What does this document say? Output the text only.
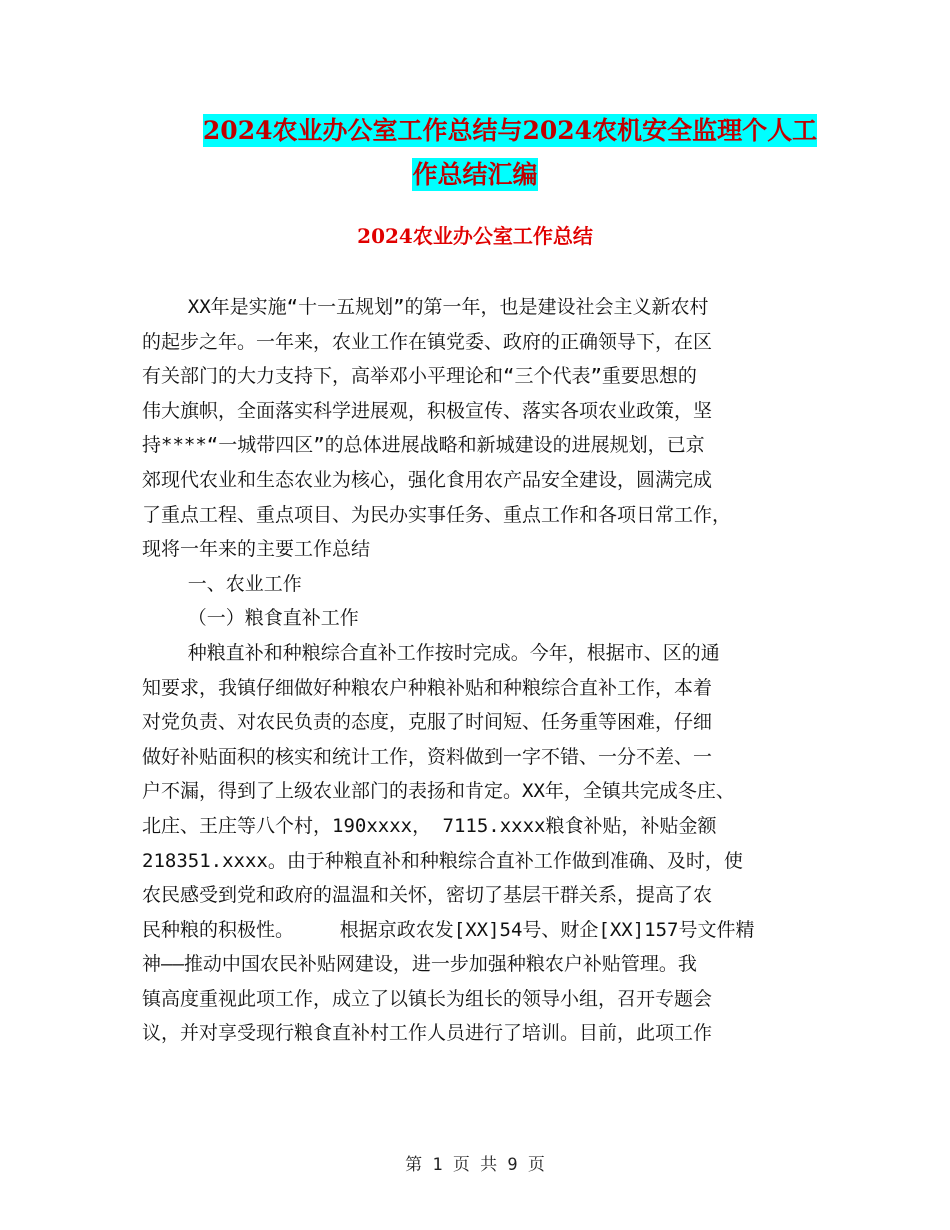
2024农业办公室工作总结与2024农机安全监理个人工
作总结汇编
2024农业办公室工作总结
XX年是实施“十一五规划”的第一年，也是建设社会主义新农村
的起步之年。一年来，农业工作在镇党委、政府的正确领导下，在区
有关部门的大力支持下，高举邓小平理论和“三个代表”重要思想的
伟大旗帜，全面落实科学进展观，积极宣传、落实各项农业政策，坚
持****“一城带四区”的总体进展战略和新城建设的进展规划，已京
郊现代农业和生态农业为核心，强化食用农产品安全建设，圆满完成
了重点工程、重点项目、为民办实事任务、重点工作和各项日常工作，
现将一年来的主要工作总结
一、农业工作
（一）粮食直补工作
种粮直补和种粮综合直补工作按时完成。今年，根据市、区的通
知要求，我镇仔细做好种粮农户种粮补贴和种粮综合直补工作，本着
对党负责、对农民负责的态度，克服了时间短、任务重等困难，仔细
做好补贴面积的核实和统计工作，资料做到一字不错、一分不差、一
户不漏，得到了上级农业部门的表扬和肯定。XX年，全镇共完成冬庄、
北庄、王庄等八个村，190xxxx， 7115.xxxx粮食补贴，补贴金额
218351.xxxx。由于种粮直补和种粮综合直补工作做到准确、及时，使
农民感受到党和政府的温温和关怀，密切了基层干群关系，提高了农
民种粮的积极性。    根据京政农发[XX]54号、财企[XX]157号文件精
神——推动中国农民补贴网建设，进一步加强种粮农户补贴管理。我
镇高度重视此项工作，成立了以镇长为组长的领导小组，召开专题会
议，并对享受现行粮食直补村工作人员进行了培训。目前，此项工作
第 1 页 共 9 页
